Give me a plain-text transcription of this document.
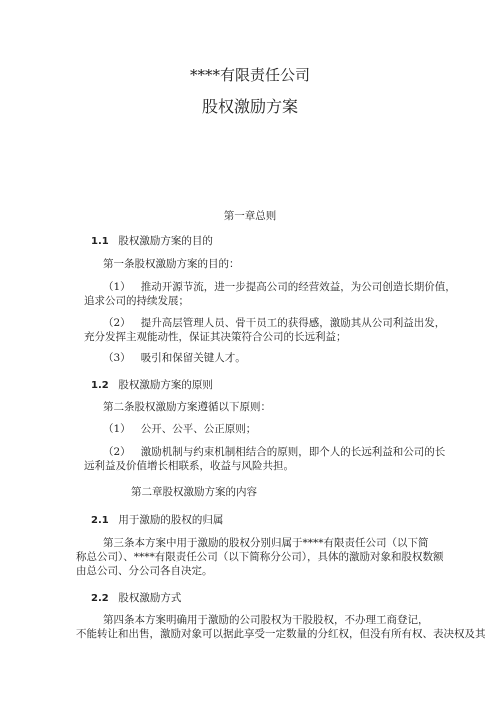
****有限责任公司
股权激励方案
第一章总则
1.1 股权激励方案的目的
第一条股权激励方案的目的：
（1） 推动开源节流，进一步提高公司的经营效益，为公司创造长期价值，
追求公司的持续发展；
（2） 提升高层管理人员、骨干员工的获得感，激励其从公司利益出发，
充分发挥主观能动性，保证其决策符合公司的长远利益；
（3） 吸引和保留关键人才。
1.2 股权激励方案的原则
第二条股权激励方案遵循以下原则：
（1） 公开、公平、公正原则；
（2） 激励机制与约束机制相结合的原则，即个人的长远利益和公司的长
远利益及价值增长相联系，收益与风险共担。
第二章股权激励方案的内容
2.1 用于激励的股权的归属
第三条本方案中用于激励的股权分别归属于****有限责任公司（以下简
称总公司）、****有限责任公司（以下简称分公司），具体的激励对象和股权数额
由总公司、分公司各自决定。
2.2 股权激励方式
第四条本方案明确用于激励的公司股权为干股股权，不办理工商登记，
不能转让和出售，激励对象可以据此享受一定数量的分红权，但没有所有权、表决权及其
